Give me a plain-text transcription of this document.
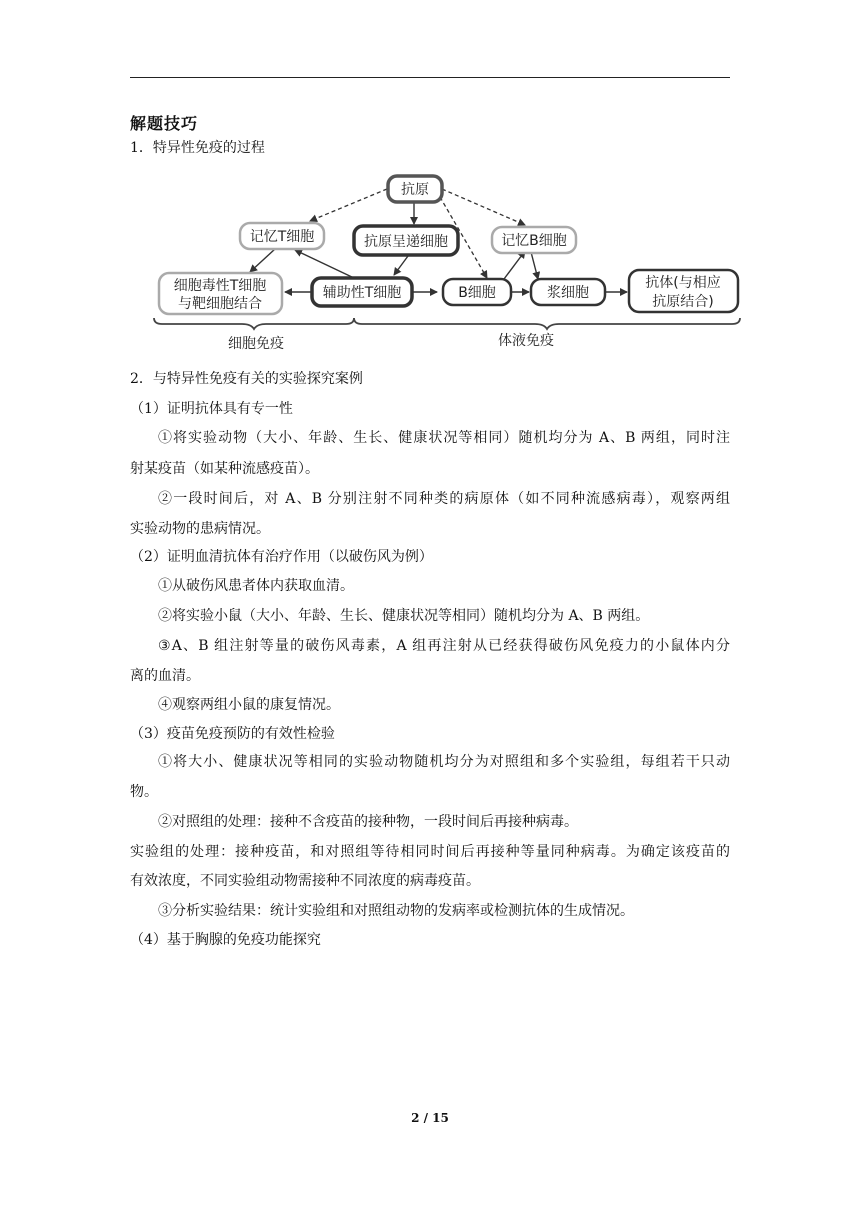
解题技巧
1．特异性免疫的过程
抗原
记忆T细胞	抗原呈递细胞	记忆B细胞
细胞毒性T细胞
与靶细胞结合
辅助性T细胞	B细胞	浆细胞
抗体(与相应
抗原结合)
细胞免疫	体液免疫
2．与特异性免疫有关的实验探究案例
（1）证明抗体具有专一性
①将实验动物（大小、年龄、生长、健康状况等相同）随机均分为 A、B 两组，同时注
射某疫苗（如某种流感疫苗）。
②一段时间后，对 A、B 分别注射不同种类的病原体（如不同种流感病毒），观察两组
实验动物的患病情况。
（2）证明血清抗体有治疗作用（以破伤风为例）
①从破伤风患者体内获取血清。
②将实验小鼠（大小、年龄、生长、健康状况等相同）随机均分为 A、B 两组。
③A、B 组注射等量的破伤风毒素，A 组再注射从已经获得破伤风免疫力的小鼠体内分
离的血清。
④观察两组小鼠的康复情况。
（3）疫苗免疫预防的有效性检验
①将大小、健康状况等相同的实验动物随机均分为对照组和多个实验组，每组若干只动
物。
②对照组的处理：接种不含疫苗的接种物，一段时间后再接种病毒。
实验组的处理：接种疫苗，和对照组等待相同时间后再接种等量同种病毒。为确定该疫苗的
有效浓度，不同实验组动物需接种不同浓度的病毒疫苗。
③分析实验结果：统计实验组和对照组动物的发病率或检测抗体的生成情况。
（4）基于胸腺的免疫功能探究
2 / 15
